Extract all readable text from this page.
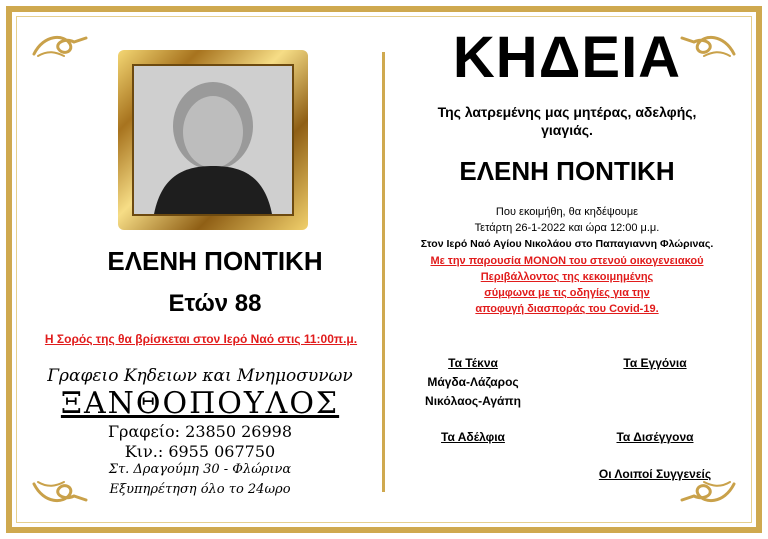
ΕΛΕΝΗ ΠΟΝΤΙΚΗ
Ετών 88
Η Σορός της θα βρίσκεται στον Ιερό Ναό στις 11:00π.μ.
Γραφειο Κηδειων και Μνημοσυνων
ΞΑΝΘΟΠΟΥΛΟΣ
Γραφείο: 23850 26998
Κιν.: 6955 067750
Στ. Δραγούμη 30 - Φλώρινα
Εξυπηρέτηση όλο το 24ωρο
ΚΗΔΕΙΑ
Της λατρεμένης μας μητέρας, αδελφής,
γιαγιάς.
ΕΛΕΝΗ ΠΟΝΤΙΚΗ
Που εκοιμήθη, θα κηδέψουμε
Τετάρτη 26-1-2022 και ώρα 12:00 μ.μ.
Στον Ιερό Ναό Αγίου Νικολάου στο Παπαγιαννη Φλώρινας.
Με την παρουσία ΜΟΝΟΝ του στενού οικογενειακού
Περιβάλλοντος της κεκοιμημένης
σύμφωνα με τις οδηγίες για την
αποφυγή διασποράς του Covid-19.
Τα Τέκνα
Μάγδα-Λάζαρος
Νικόλαος-Αγάπη
Τα Εγγόνια
Τα Αδέλφια	Τα Δισέγγονα
Οι Λοιποί Συγγενείς
